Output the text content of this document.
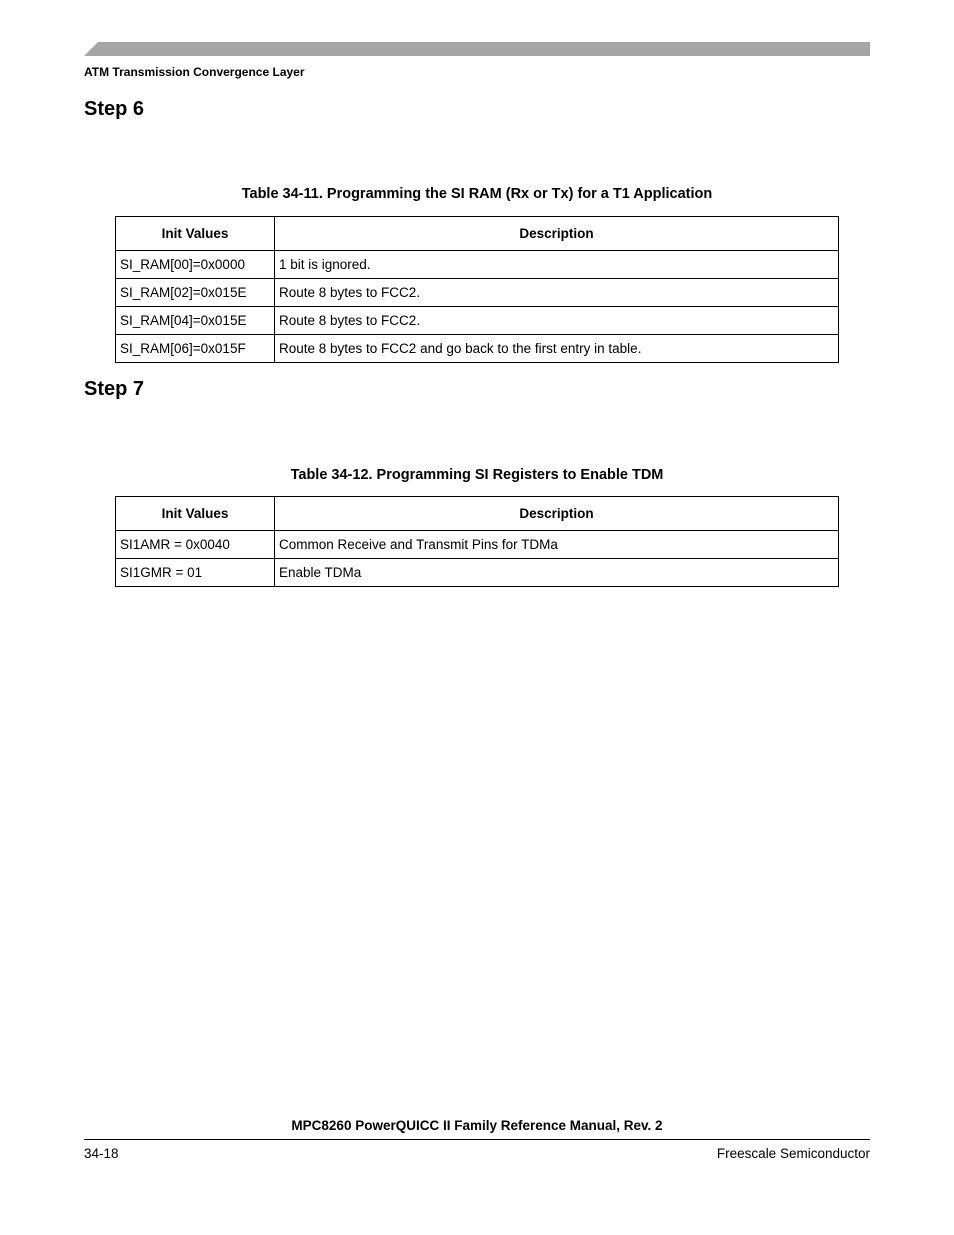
ATM Transmission Convergence Layer
Step 6
Table 34-11. Programming the SI RAM (Rx or Tx) for a T1 Application
Init Values	Description
SI_RAM[00]=0x0000	1 bit is ignored.
SI_RAM[02]=0x015E	Route 8 bytes to FCC2.
SI_RAM[04]=0x015E	Route 8 bytes to FCC2.
SI_RAM[06]=0x015F	Route 8 bytes to FCC2 and go back to the first entry in table.
Step 7
Table 34-12. Programming SI Registers to Enable TDM
Init Values	Description
SI1AMR = 0x0040	Common Receive and Transmit Pins for TDMa
SI1GMR = 01	Enable TDMa
MPC8260 PowerQUICC II Family Reference Manual, Rev. 2
34-18	Freescale Semiconductor
